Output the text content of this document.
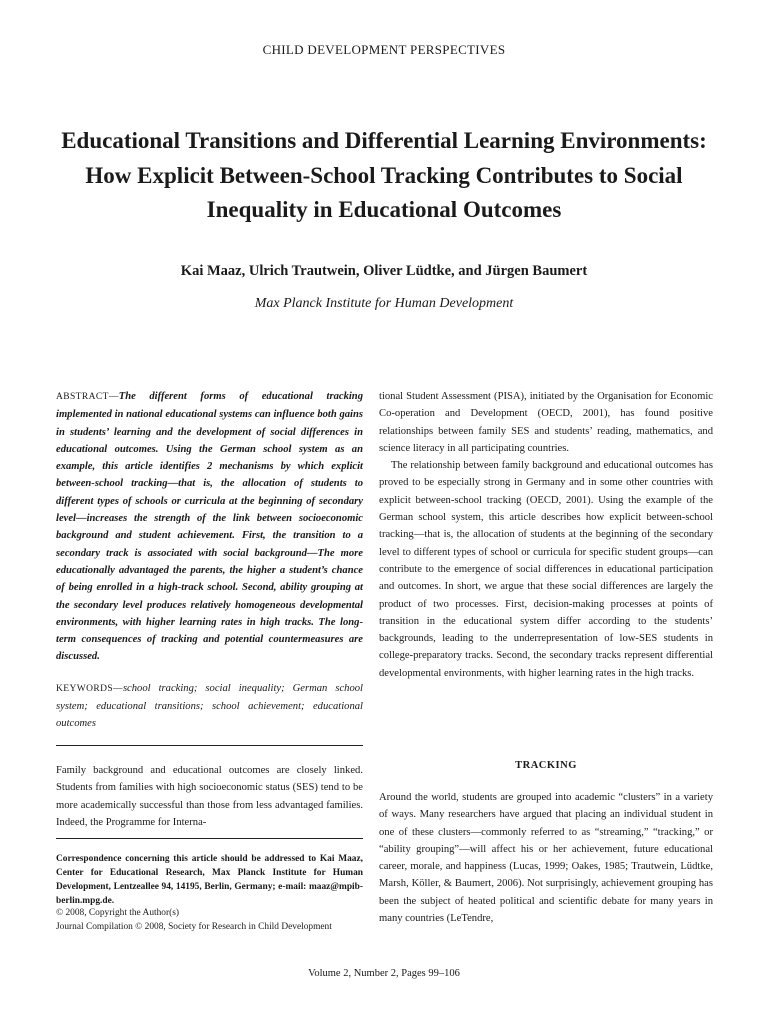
CHILD DEVELOPMENT PERSPECTIVES
Educational Transitions and Differential Learning Environments: How Explicit Between-School Tracking Contributes to Social Inequality in Educational Outcomes
Kai Maaz, Ulrich Trautwein, Oliver Lüdtke, and Jürgen Baumert
Max Planck Institute for Human Development
ABSTRACT—The different forms of educational tracking implemented in national educational systems can influence both gains in students’ learning and the development of social differences in educational outcomes. Using the German school system as an example, this article identifies 2 mechanisms by which explicit between-school tracking—that is, the allocation of students to different types of schools or curricula at the beginning of secondary level—increases the strength of the link between socioeconomic background and student achievement. First, the transition to a secondary track is associated with social background—The more educationally advantaged the parents, the higher a student’s chance of being enrolled in a high-track school. Second, ability grouping at the secondary level produces relatively homogeneous developmental environments, with higher learning rates in high tracks. The long-term consequences of tracking and potential countermeasures are discussed.
KEYWORDS—school tracking; social inequality; German school system; educational transitions; school achievement; educational outcomes
Family background and educational outcomes are closely linked. Students from families with high socioeconomic status (SES) tend to be more academically successful than those from less advantaged families. Indeed, the Programme for Interna-
Correspondence concerning this article should be addressed to Kai Maaz, Center for Educational Research, Max Planck Institute for Human Development, Lentzeallee 94, 14195, Berlin, Germany; e-mail: maaz@mpib-berlin.mpg.de.
© 2008, Copyright the Author(s)
Journal Compilation © 2008, Society for Research in Child Development

tional Student Assessment (PISA), initiated by the Organisation for Economic Co-operation and Development (OECD, 2001), has found positive relationships between family SES and students’ reading, mathematics, and science literacy in all participating countries.

The relationship between family background and educational outcomes has proved to be especially strong in Germany and in some other countries with explicit between-school tracking (OECD, 2001). Using the example of the German school system, this article describes how explicit between-school tracking—that is, the allocation of students at the beginning of the secondary level to different types of school or curricula for specific student groups—can contribute to the emergence of social differences in educational participation and outcomes. In short, we argue that these social differences are largely the product of two processes. First, decision-making processes at points of transition in the educational system differ according to the students’ backgrounds, leading to the underrepresentation of low-SES students in college-preparatory tracks. Second, the secondary tracks represent differential developmental environments, with higher learning rates in the high tracks.

TRACKING
Around the world, students are grouped into academic “clusters” in a variety of ways. Many researchers have argued that placing an individual student in one of these clusters—commonly referred to as “streaming,” “tracking,” or “ability grouping”—will affect his or her achievement, future educational career, morale, and happiness (Lucas, 1999; Oakes, 1985; Trautwein, Lüdtke, Marsh, Köller, & Baumert, 2006). Not surprisingly, achievement grouping has been the subject of heated political and scientific debate for many years in many countries (LeTendre,
Volume 2, Number 2, Pages 99–106
